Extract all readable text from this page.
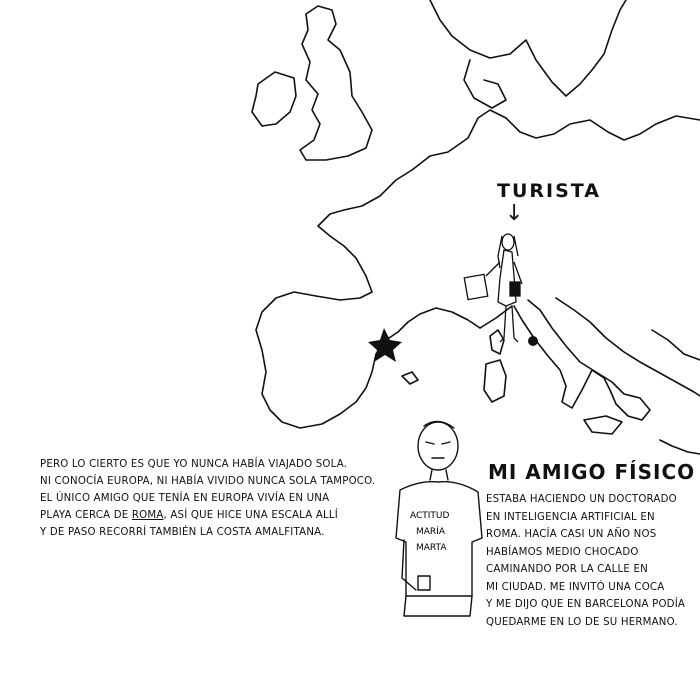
TURISTA
↓

PERO LO CIERTO ES QUE YO NUNCA HABÍA VIAJADO SOLA.

NI CONOCÍA EUROPA, NI HABÍA VIVIDO NUNCA SOLA TAMPOCO.

EL ÚNICO AMIGO QUE TENÍA EN EUROPA VIVÍA EN UNA

PLAYA CERCA DE ROMA, ASÍ QUE HICE UNA ESCALA ALLÍ

Y DE PASO RECORRÍ TAMBIÉN LA COSTA AMALFITANA.

ACTITUD
MARÍA
MARTA
MI AMIGO FÍSICO

ESTABA HACIENDO UN DOCTORADO

EN INTELIGENCIA ARTIFICIAL EN

ROMA. HACÍA CASI UN AÑO NOS

HABÍAMOS MEDIO CHOCADO

CAMINANDO POR LA CALLE EN

MI CIUDAD. ME INVITÓ UNA COCA

Y ME DIJO QUE EN BARCELONA PODÍA

QUEDARME EN LO DE SU HERMANO.
